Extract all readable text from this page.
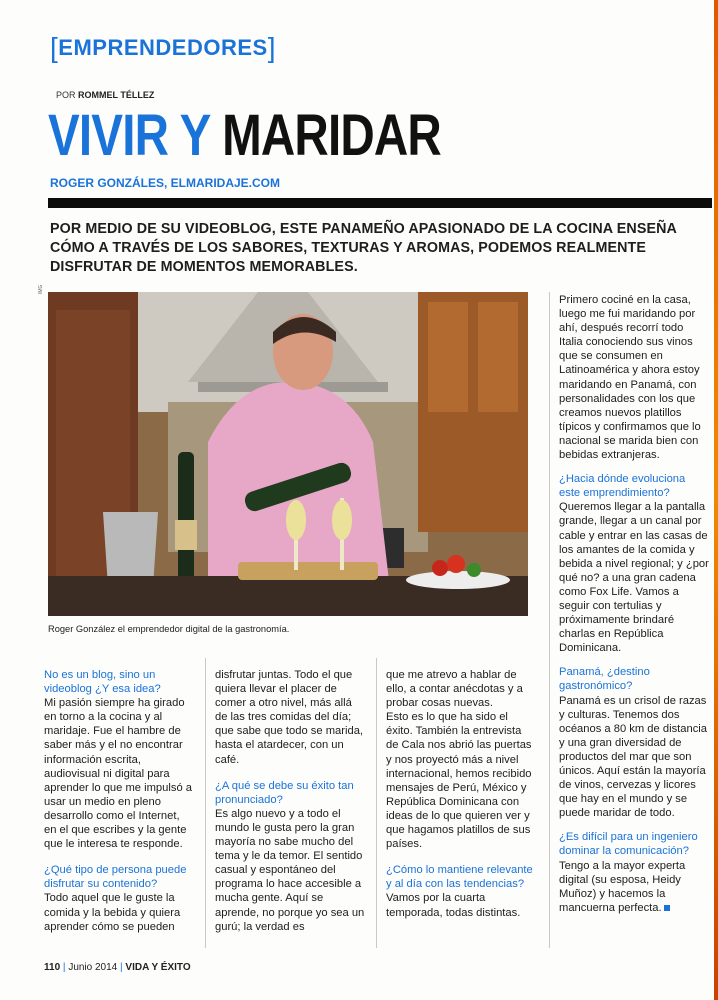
[EMPRENDEDORES]
POR ROMMEL TÉLLEZ
VIVIR Y MARIDAR
ROGER GONZÁLES, ELMARIDAJE.COM
POR MEDIO DE SU VIDEOBLOG, ESTE PANAMEÑO APASIONADO DE LA COCINA ENSEÑA CÓMO A TRAVÉS DE LOS SABORES, TEXTURAS Y AROMAS, PODEMOS REALMENTE DISFRUTAR DE MOMENTOS MEMORABLES.
IMG
Roger González el emprendedor digital de la gastronomía.
No es un blog, sino un videoblog ¿Y esa idea?

Mi pasión siempre ha girado en torno a la cocina y al maridaje. Fue el hambre de saber más y el no encontrar información escrita, audiovisual ni digital para aprender lo que me impulsó a usar un medio en pleno desarrollo como el Internet, en el que escribes y la gente que le interesa te responde.

¿Qué tipo de persona puede disfrutar su contenido?

Todo aquel que le guste la comida y la bebida y quiera aprender cómo se pueden

disfrutar juntas. Todo el que quiera llevar el placer de comer a otro nivel, más allá de las tres comidas del día; que sabe que todo se marida, hasta el atardecer, con un café.

¿A qué se debe su éxito tan pronunciado?

Es algo nuevo y a todo el mundo le gusta pero la gran mayoría no sabe mucho del tema y le da temor. El sentido casual y espontáneo del programa lo hace accesible a mucha gente. Aquí se aprende, no porque yo sea un gurú; la verdad es

que me atrevo a hablar de ello, a contar anécdotas y a probar cosas nuevas.

Esto es lo que ha sido el éxito. También la entrevista de Cala nos abrió las puertas y nos proyectó más a nivel internacional, hemos recibido mensajes de Perú, México y República Dominicana con ideas de lo que quieren ver y que hagamos platillos de sus países.

¿Cómo lo mantiene relevante y al día con las tendencias?

Vamos por la cuarta temporada, todas distintas.

Primero cociné en la casa, luego me fui maridando por ahí, después recorrí todo Italia conociendo sus vinos que se consumen en Latinoamérica y ahora estoy maridando en Panamá, con personalidades con los que creamos nuevos platillos típicos y confirmamos que lo nacional se marida bien con bebidas extranjeras.

¿Hacia dónde evoluciona este emprendimiento?

Queremos llegar a la pantalla grande, llegar a un canal por cable y entrar en las casas de los amantes de la comida y bebida a nivel regional; y ¿por qué no? a una gran cadena como Fox Life. Vamos a seguir con tertulias y próximamente brindaré charlas en República Dominicana.

Panamá, ¿destino gastronómico?

Panamá es un crisol de razas y culturas. Tenemos dos océanos a 80 km de distancia y una gran diversidad de productos del mar que son únicos. Aquí están la mayoría de vinos, cervezas y licores que hay en el mundo y se puede maridar de todo.

¿Es difícil para un ingeniero dominar la comunicación?

Tengo a la mayor experta digital (su esposa, Heidy Muñoz) y hacemos la mancuerna perfecta.

110 | Junio 2014 | VIDA Y ÉXITO
